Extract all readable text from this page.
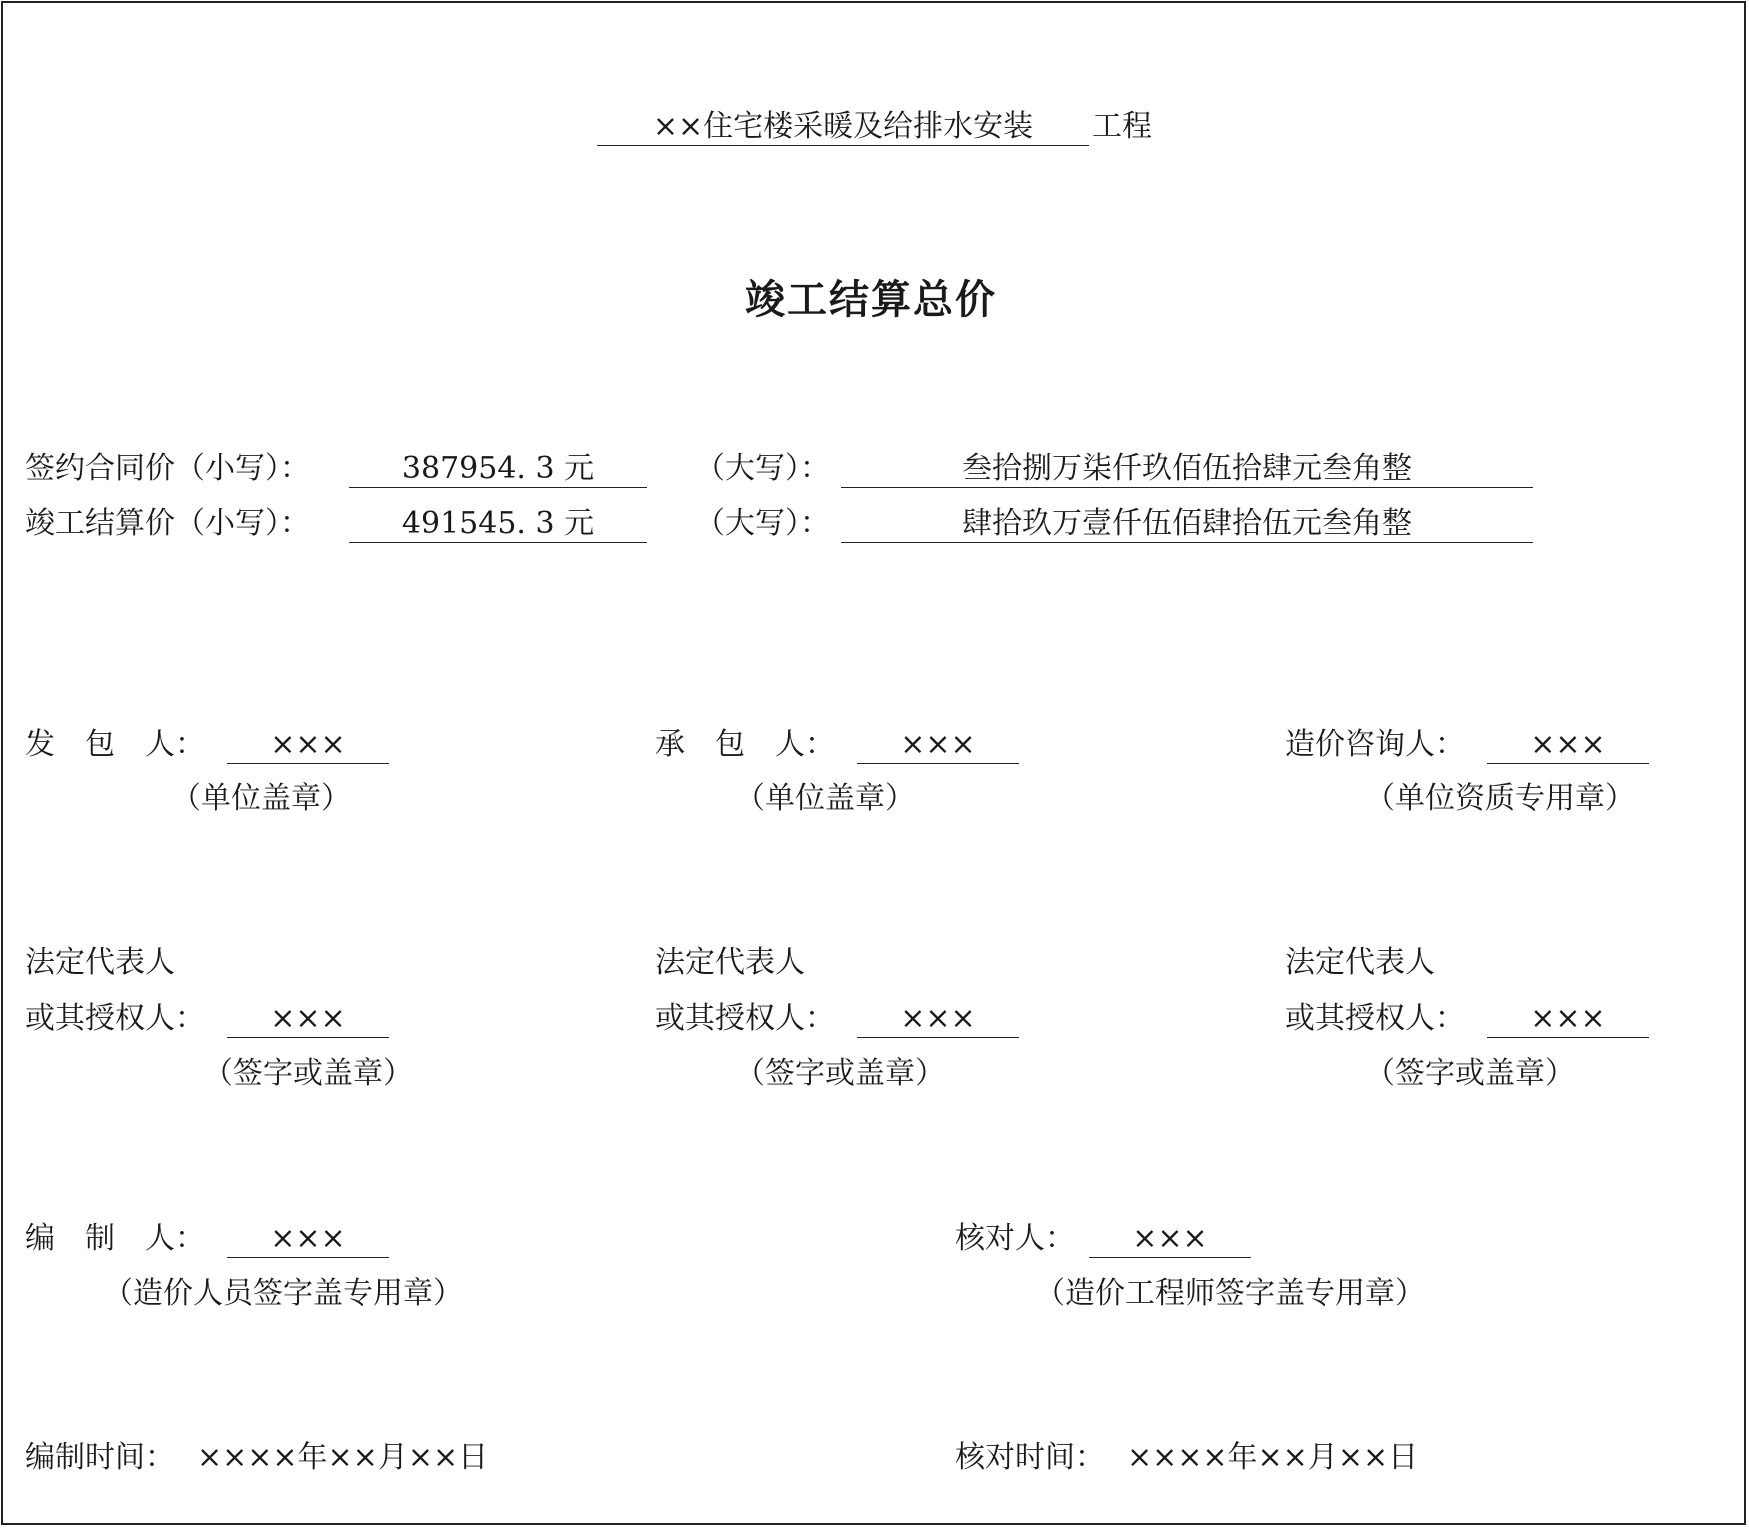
××住宅楼采暖及给排水安装	工程
竣工结算总价
签约合同价（小写）：	387954. 3 元	（大写）：	叁拾捌万柒仟玖佰伍拾肆元叁角整
竣工结算价（小写）：	491545. 3 元	（大写）：	肆拾玖万壹仟伍佰肆拾伍元叁角整
发　包　人：	×××
（单位盖章）
承　包　人：	×××
（单位盖章）
造价咨询人：	×××
（单位资质专用章）
法定代表人
或其授权人：	×××
（签字或盖章）
法定代表人
或其授权人：	×××
（签字或盖章）
法定代表人
或其授权人：	×××
（签字或盖章）
编　制　人：	×××
（造价人员签字盖专用章）
核对人：	×××
（造价工程师签字盖专用章）
编制时间： ××××年××月××日	核对时间： ××××年××月××日
